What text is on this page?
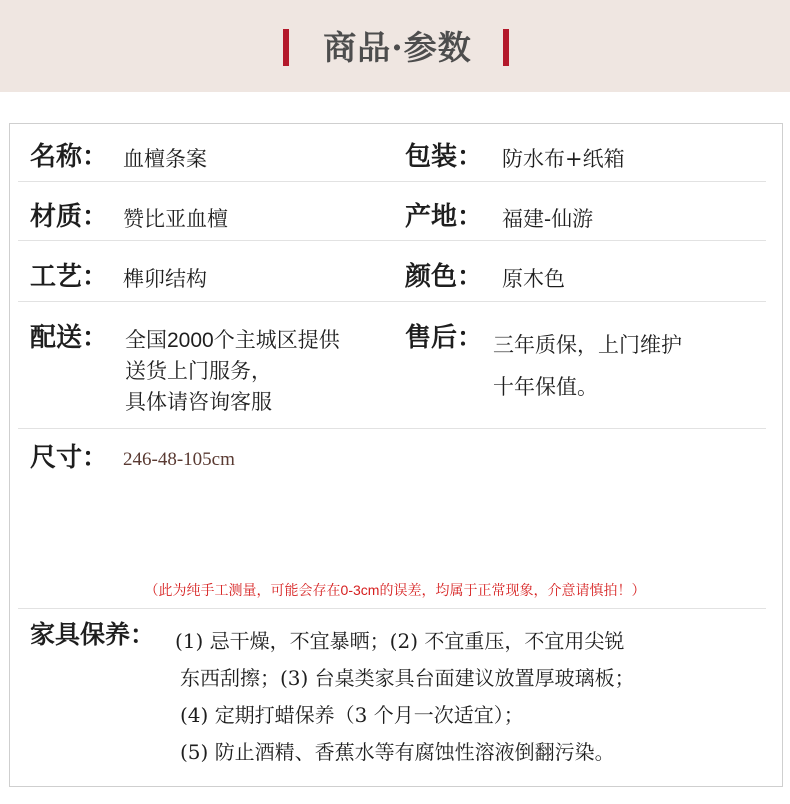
商品·参数
名称： 血檀条案	包装： 防水布+纸箱
材质： 赞比亚血檀	产地： 福建-仙游
工艺： 榫卯结构	颜色： 原木色
配送： 全国2000个主城区提供
送货上门服务，
具体请咨询客服
售后： 三年质保，上门维护
十年保值。
尺寸： 246-48-105cm
（此为纯手工测量，可能会存在0-3cm的误差，均属于正常现象，介意请慎拍！）
家具保养： (1) 忌干燥，不宜暴晒；(2) 不宜重压，不宜用尖锐
东西刮擦；(3) 台桌类家具台面建议放置厚玻璃板；
(4) 定期打蜡保养（3 个月一次适宜）；
(5) 防止酒精、香蕉水等有腐蚀性溶液倒翻污染。
